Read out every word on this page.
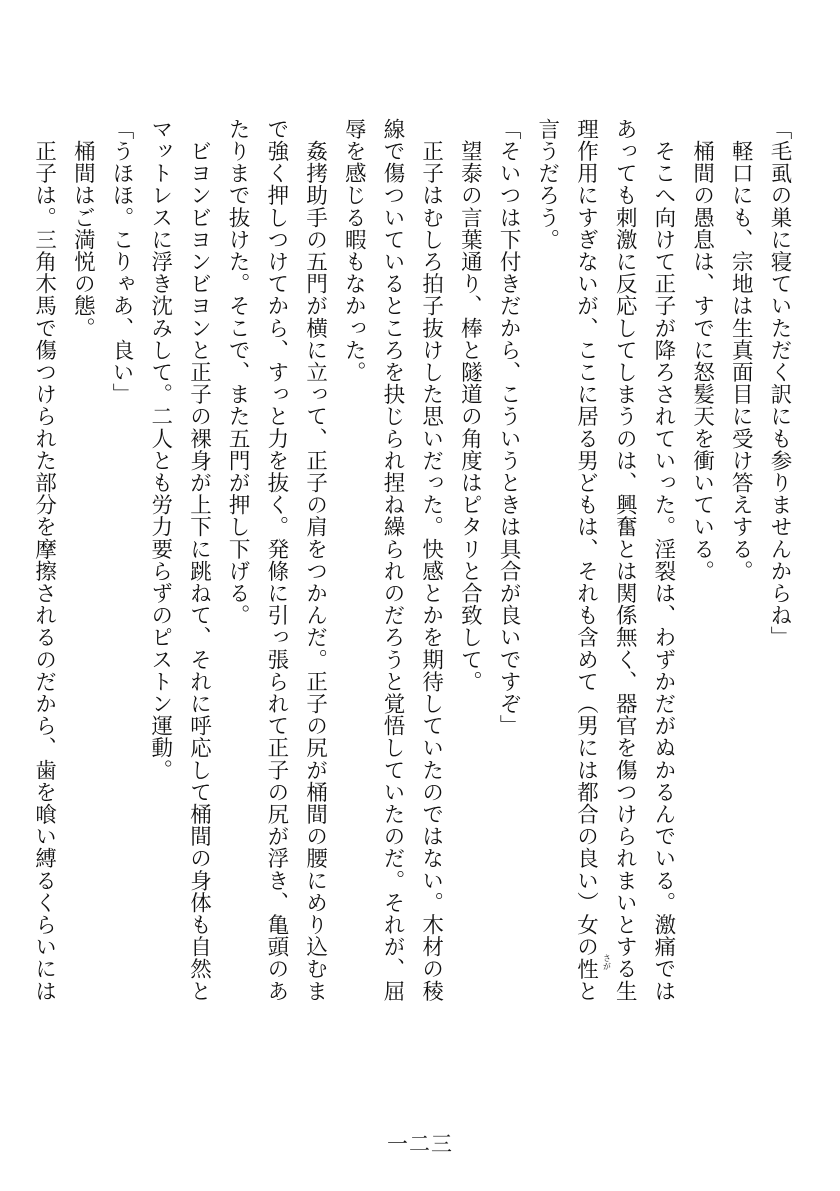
「毛虱の巣に寝ていただく訳にも参りませんからね」

　軽口にも、宗地は生真面目に受け答えする。

　桶間の愚息は、すでに怒髪天を衝いている。

　そこへ向けて正子が降ろされていった。淫裂は、わずかだがぬかるんでいる。激痛では

あっても刺激に反応してしまうのは、興奮とは関係無く、器官を傷つけられまいとする生

理作用にすぎないが、ここに居る男どもは、それも含めて（男には都合の良い）女の性 さが
と

言うだろう。

「そいつは下付きだから、こういうときは具合が良いですぞ」

　望泰の言葉通り、棒と隧道の角度はピタリと合致して。

　正子はむしろ拍子抜けした思いだった。快感とかを期待していたのではない。木材の稜

線で傷ついているところを抉じられ捏ね繰られのだろうと覚悟していたのだ。それが、屈

辱を感じる暇もなかった。

　姦拷助手の五門が横に立って、正子の肩をつかんだ。正子の尻が桶間の腰にめり込むま

で強く押しつけてから、すっと力を抜く。発條に引っ張られて正子の尻が浮き、亀頭のあ

たりまで抜けた。そこで、また五門が押し下げる。

　ビヨンビヨンビヨンと正子の裸身が上下に跳ねて、それに呼応して桶間の身体も自然と

マットレスに浮き沈みして。二人とも労力要らずのピストン運動。

「うほほ。こりゃあ、良い」

　桶間はご満悦の態。

　正子は。三角木馬で傷つけられた部分を摩擦されるのだから、歯を喰い縛るくらいには

一二三
